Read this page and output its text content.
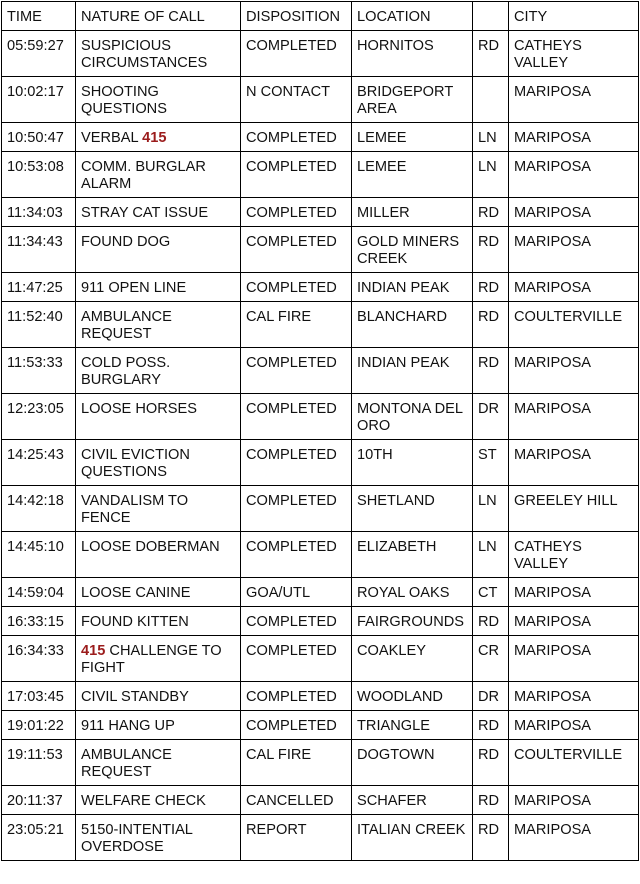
TIME	NATURE OF CALL	DISPOSITION	LOCATION		CITY
05:59:27	SUSPICIOUS CIRCUMSTANCES	COMPLETED	HORNITOS	RD	CATHEYS VALLEY
10:02:17	SHOOTING QUESTIONS	N CONTACT	BRIDGEPORT AREA		MARIPOSA
10:50:47	VERBAL 415	COMPLETED	LEMEE	LN	MARIPOSA
10:53:08	COMM. BURGLAR ALARM	COMPLETED	LEMEE	LN	MARIPOSA
11:34:03	STRAY CAT ISSUE	COMPLETED	MILLER	RD	MARIPOSA
11:34:43	FOUND DOG	COMPLETED	GOLD MINERS CREEK	RD	MARIPOSA
11:47:25	911 OPEN LINE	COMPLETED	INDIAN PEAK	RD	MARIPOSA
11:52:40	AMBULANCE REQUEST	CAL FIRE	BLANCHARD	RD	COULTERVILLE
11:53:33	COLD POSS. BURGLARY	COMPLETED	INDIAN PEAK	RD	MARIPOSA
12:23:05	LOOSE HORSES	COMPLETED	MONTONA DEL ORO	DR	MARIPOSA
14:25:43	CIVIL EVICTION QUESTIONS	COMPLETED	10TH	ST	MARIPOSA
14:42:18	VANDALISM TO FENCE	COMPLETED	SHETLAND	LN	GREELEY HILL
14:45:10	LOOSE DOBERMAN	COMPLETED	ELIZABETH	LN	CATHEYS VALLEY
14:59:04	LOOSE CANINE	GOA/UTL	ROYAL OAKS	CT	MARIPOSA
16:33:15	FOUND KITTEN	COMPLETED	FAIRGROUNDS	RD	MARIPOSA
16:34:33	415 CHALLENGE TO FIGHT	COMPLETED	COAKLEY	CR	MARIPOSA
17:03:45	CIVIL STANDBY	COMPLETED	WOODLAND	DR	MARIPOSA
19:01:22	911 HANG UP	COMPLETED	TRIANGLE	RD	MARIPOSA
19:11:53	AMBULANCE REQUEST	CAL FIRE	DOGTOWN	RD	COULTERVILLE
20:11:37	WELFARE CHECK	CANCELLED	SCHAFER	RD	MARIPOSA
23:05:21	5150-INTENTIAL OVERDOSE	REPORT	ITALIAN CREEK	RD	MARIPOSA
